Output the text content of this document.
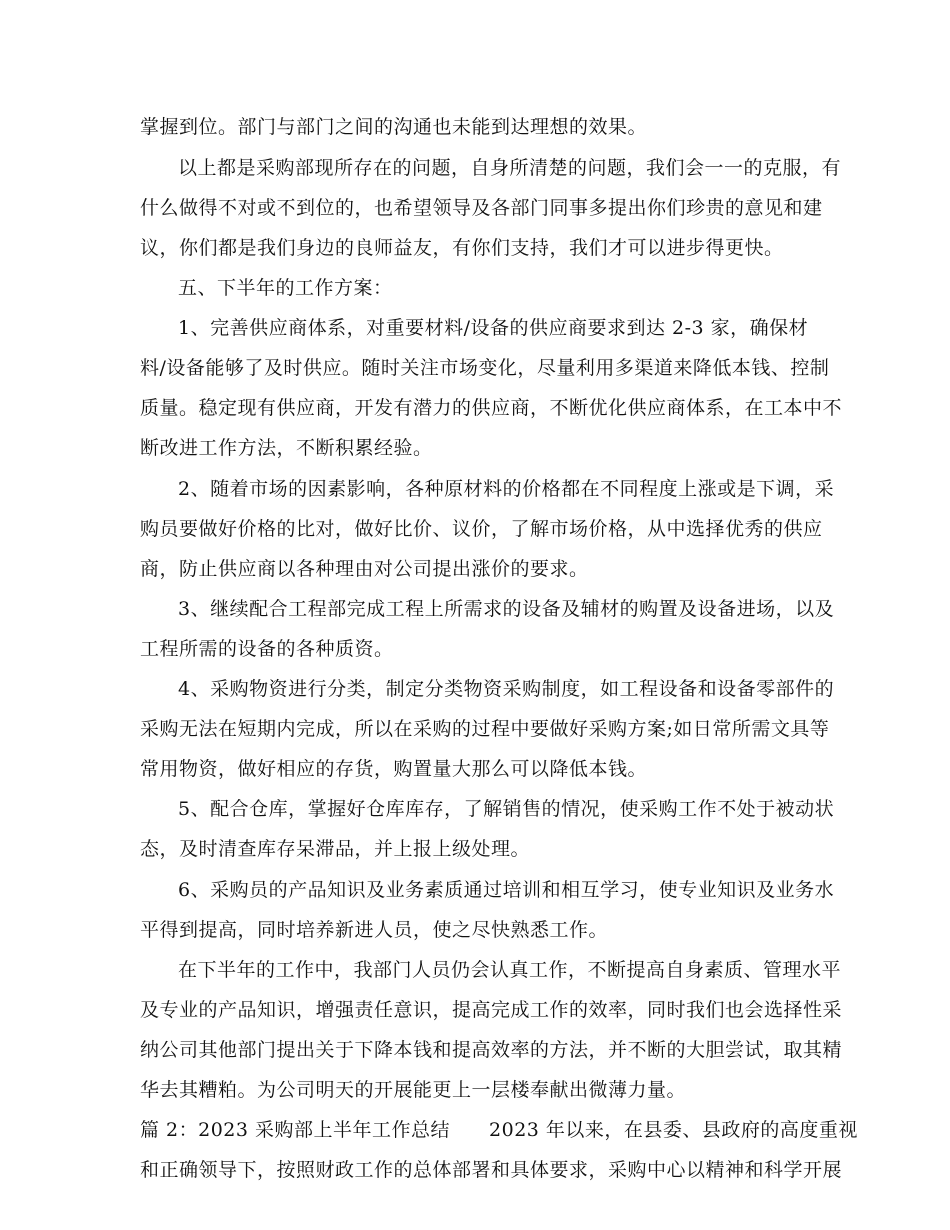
掌握到位。部门与部门之间的沟通也未能到达理想的效果。
以上都是采购部现所存在的问题，自身所清楚的问题，我们会一一的克服，有
什么做得不对或不到位的，也希望领导及各部门同事多提出你们珍贵的意见和建
议，你们都是我们身边的良师益友，有你们支持，我们才可以进步得更快。
五、下半年的工作方案：
1、完善供应商体系，对重要材料/设备的供应商要求到达 2-3 家，确保材
料/设备能够了及时供应。随时关注市场变化，尽量利用多渠道来降低本钱、控制
质量。稳定现有供应商，开发有潜力的供应商，不断优化供应商体系，在工本中不
断改进工作方法，不断积累经验。
2、随着市场的因素影响，各种原材料的价格都在不同程度上涨或是下调，采
购员要做好价格的比对，做好比价、议价，了解市场价格，从中选择优秀的供应
商，防止供应商以各种理由对公司提出涨价的要求。
3、继续配合工程部完成工程上所需求的设备及辅材的购置及设备进场，以及
工程所需的设备的各种质资。
4、采购物资进行分类，制定分类物资采购制度，如工程设备和设备零部件的
采购无法在短期内完成，所以在采购的过程中要做好采购方案;如日常所需文具等
常用物资，做好相应的存货，购置量大那么可以降低本钱。
5、配合仓库，掌握好仓库库存，了解销售的情况，使采购工作不处于被动状
态，及时清查库存呆滞品，并上报上级处理。
6、采购员的产品知识及业务素质通过培训和相互学习，使专业知识及业务水
平得到提高，同时培养新进人员，使之尽快熟悉工作。
在下半年的工作中，我部门人员仍会认真工作，不断提高自身素质、管理水平
及专业的产品知识，增强责任意识，提高完成工作的效率，同时我们也会选择性采
纳公司其他部门提出关于下降本钱和提高效率的方法，并不断的大胆尝试，取其精
华去其糟粕。为公司明天的开展能更上一层楼奉献出微薄力量。
篇 2：2023 采购部上半年工作总结　　2023 年以来，在县委、县政府的高度重视
和正确领导下，按照财政工作的总体部署和具体要求，采购中心以精神和科学开展
